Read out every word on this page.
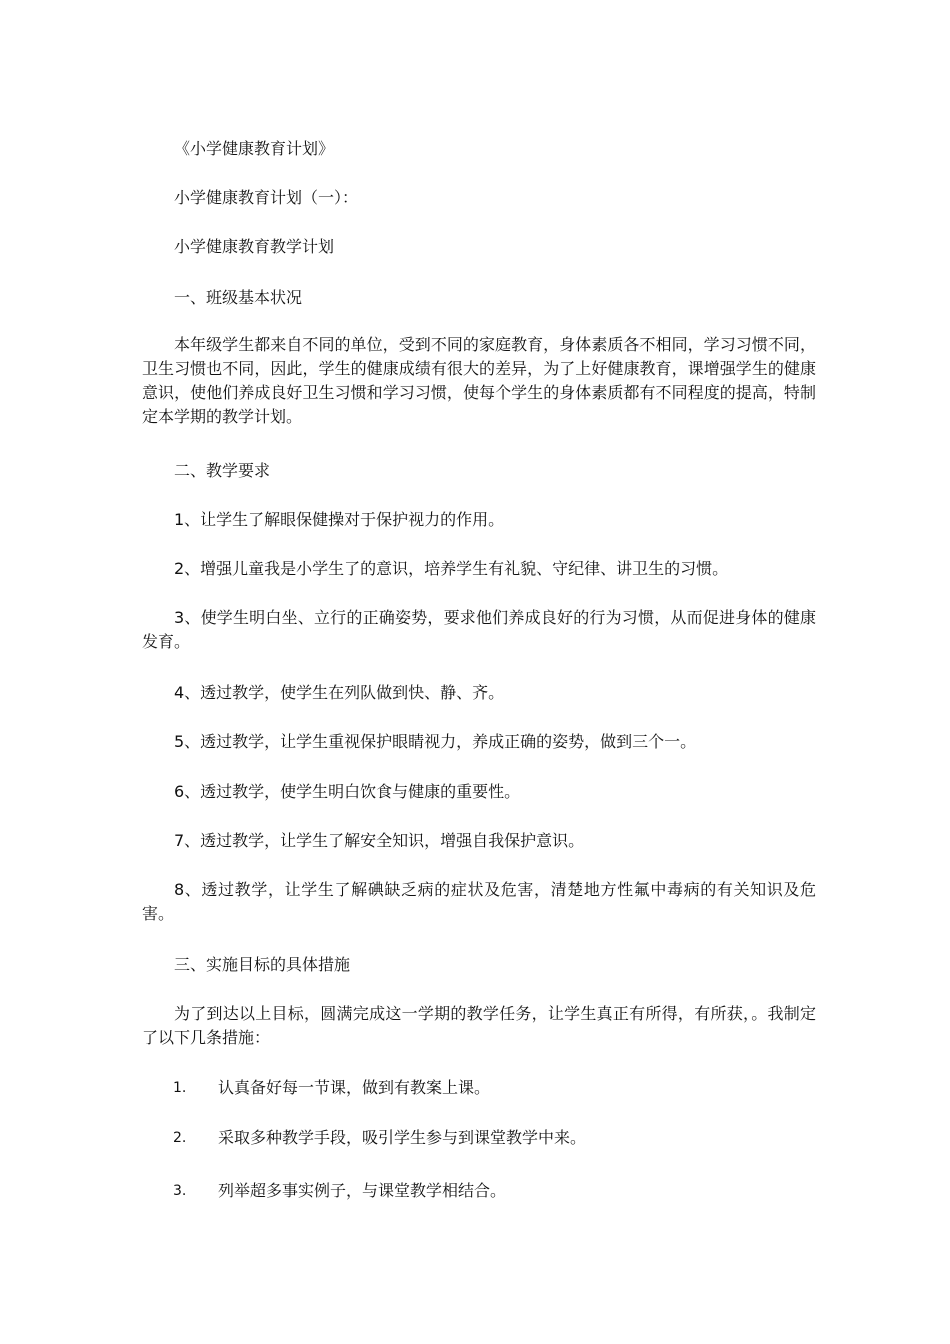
《小学健康教育计划》
小学健康教育计划（一）：
小学健康教育教学计划
一、班级基本状况
本年级学生都来自不同的单位，受到不同的家庭教育，身体素质各不相同，学习习惯不同，卫生习惯也不同，因此，学生的健康成绩有很大的差异，为了上好健康教育，课增强学生的健康意识，使他们养成良好卫生习惯和学习习惯，使每个学生的身体素质都有不同程度的提高，特制定本学期的教学计划。
二、教学要求
1、让学生了解眼保健操对于保护视力的作用。
2、增强儿童我是小学生了的意识，培养学生有礼貌、守纪律、讲卫生的习惯。
3、使学生明白坐、立行的正确姿势，要求他们养成良好的行为习惯，从而促进身体的健康发育。
4、透过教学，使学生在列队做到快、静、齐。
5、透过教学，让学生重视保护眼睛视力，养成正确的姿势，做到三个一。
6、透过教学，使学生明白饮食与健康的重要性。
7、透过教学，让学生了解安全知识，增强自我保护意识。
8、透过教学，让学生了解碘缺乏病的症状及危害，清楚地方性氟中毒病的有关知识及危害。
三、实施目标的具体措施
为了到达以上目标，圆满完成这一学期的教学任务，让学生真正有所得，有所获，。我制定了以下几条措施：
1. 认真备好每一节课，做到有教案上课。
2. 采取多种教学手段，吸引学生参与到课堂教学中来。
3. 列举超多事实例子，与课堂教学相结合。
